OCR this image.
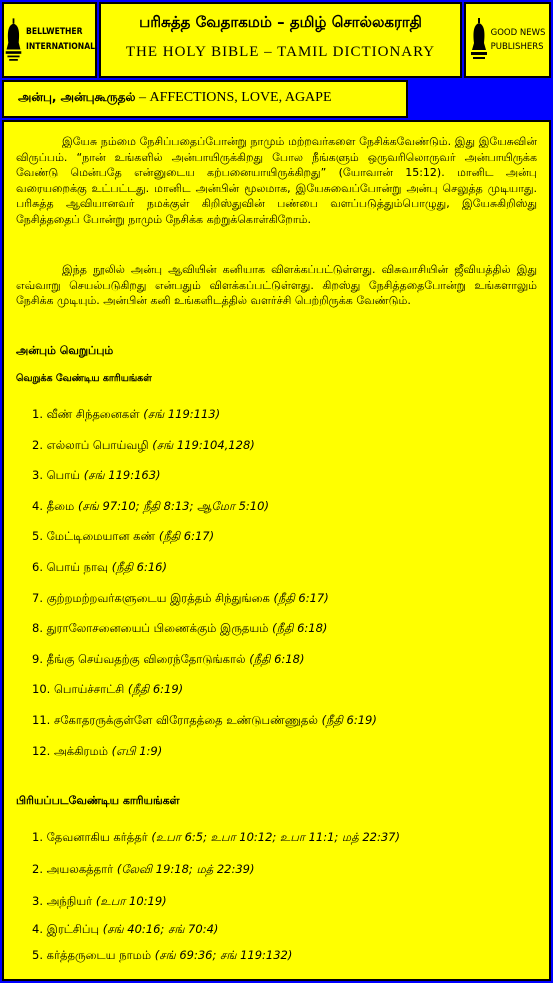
BELLWETHER
INTERNATIONAL
பரிசுத்த வேதாகமம் – தமிழ் சொல்லகராதி
THE HOLY BIBLE – TAMIL DICTIONARY
GOOD NEWS
PUBLISHERS
அன்பு, அன்புகூருதல் – AFFECTIONS, LOVE, AGAPE

இயேசு நம்மை நேசிப்பதைப்போன்று நாமும் மற்றவர்களை நேசிக்கவேண்டும். இது இயேசுவின் விருப்பம். “நான் உங்களில் அன்பாயிருக்கிறது போல நீங்களும் ஒருவரிலொருவர் அன்பாயிருக்க வேண்டு மென்பதே என்னுடைய கற்பனையாயிருக்கிறது” (யோவான் 15:12). மானிட அன்பு வரையறைக்கு உட்பட்டது. மானிட அன்பின் மூலமாக, இயேசுவைப்போன்று அன்பு செலுத்த முடியாது. பரிசுத்த ஆவியானவர் நமக்குள் கிறிஸ்துவின் பண்பை வளப்படுத்தும்பொழுது, இயேசுகிறிஸ்து நேசித்ததைப் போன்று நாமும் நேசிக்க கற்றுக்கொள்கிறோம்.

இந்த நூலில் அன்பு ஆவியின் கனியாக விளக்கப்பட்டுள்ளது. விசுவாசியின் ஜீவியத்தில் இது எவ்வாறு செயல்படுகிறது என்பதும் விளக்கப்பட்டுள்ளது. கிறஸ்து நேசித்ததைபோன்று உங்களாலும் நேசிக்க முடியும். அன்பின் கனி உங்களிடத்தில் வளர்ச்சி பெற்றிருக்க வேண்டும்.

அன்பும் வெறுப்பும்
வெறுக்க வேண்டிய காரியங்கள்
1. வீண் சிந்தனைகள் (சங் 119:113)
2. எல்லாப் பொய்வழி (சங் 119:104,128)
3. பொய் (சங் 119:163)
4. தீமை (சங் 97:10; நீதி 8:13; ஆமோ 5:10)
5. மேட்டிமையான கண் (நீதி 6:17)
6. பொய் நாவு (நீதி 6:16)
7. குற்றமற்றவர்களுடைய இரத்தம் சிந்துங்கை (நீதி 6:17)
8. துராலோசனையைப் பிணைக்கும் இருதயம் (நீதி 6:18)
9. தீங்கு செய்வதற்கு விரைந்தோடுங்கால் (நீதி 6:18)
10. பொய்ச்சாட்சி (நீதி 6:19)
11. சகோதரருக்குள்ளே விரோதத்தை உண்டுபண்ணுதல் (நீதி 6:19)
12. அக்கிரமம் (எபி 1:9)
பிரியப்படவேண்டிய காரியங்கள்
1. தேவனாகிய கர்த்தர் (உபா 6:5; உபா 10:12; உபா 11:1; மத் 22:37)
2. அயலகத்தார் (லேவி 19:18; மத் 22:39)
3. அந்நியர் (உபா 10:19)
4. இரட்சிப்பு (சங் 40:16; சங் 70:4)
5. கர்த்தருடைய நாமம் (சங் 69:36; சங் 119:132)
